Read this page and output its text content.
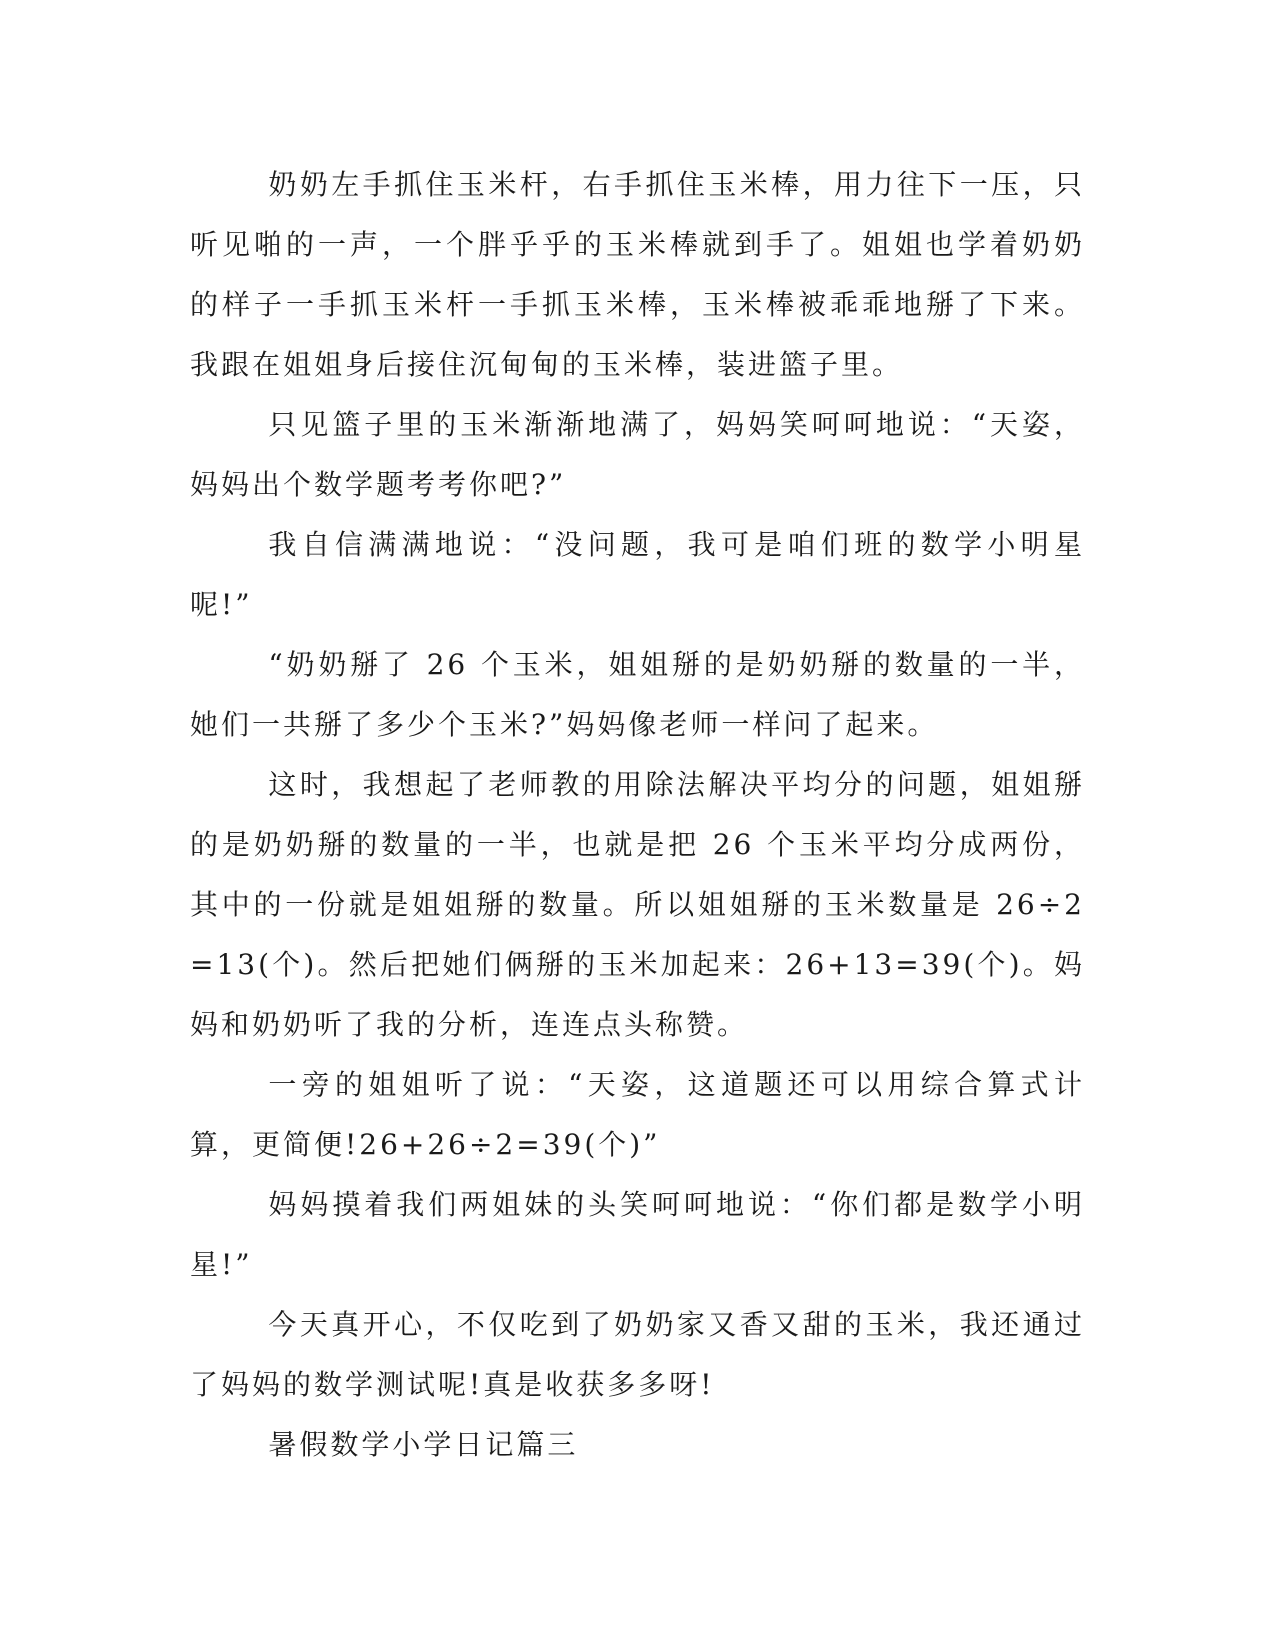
奶奶左手抓住玉米杆，右手抓住玉米棒，用力往下一压，只听见啪的一声，一个胖乎乎的玉米棒就到手了。姐姐也学着奶奶的样子一手抓玉米杆一手抓玉米棒，玉米棒被乖乖地掰了下来。我跟在姐姐身后接住沉甸甸的玉米棒，装进篮子里。

只见篮子里的玉米渐渐地满了，妈妈笑呵呵地说：“天姿，妈妈出个数学题考考你吧?”

我自信满满地说：“没问题，我可是咱们班的数学小明星呢!”

“奶奶掰了 26 个玉米，姐姐掰的是奶奶掰的数量的一半，她们一共掰了多少个玉米?”妈妈像老师一样问了起来。

这时，我想起了老师教的用除法解决平均分的问题，姐姐掰的是奶奶掰的数量的一半，也就是把 26 个玉米平均分成两份，其中的一份就是姐姐掰的数量。所以姐姐掰的玉米数量是 26÷2=13(个)。然后把她们俩掰的玉米加起来：26+13=39(个)。妈妈和奶奶听了我的分析，连连点头称赞。

一旁的姐姐听了说：“天姿，这道题还可以用综合算式计算，更简便!26+26÷2=39(个)”

妈妈摸着我们两姐妹的头笑呵呵地说：“你们都是数学小明星!”

今天真开心，不仅吃到了奶奶家又香又甜的玉米，我还通过了妈妈的数学测试呢!真是收获多多呀!

暑假数学小学日记篇三
